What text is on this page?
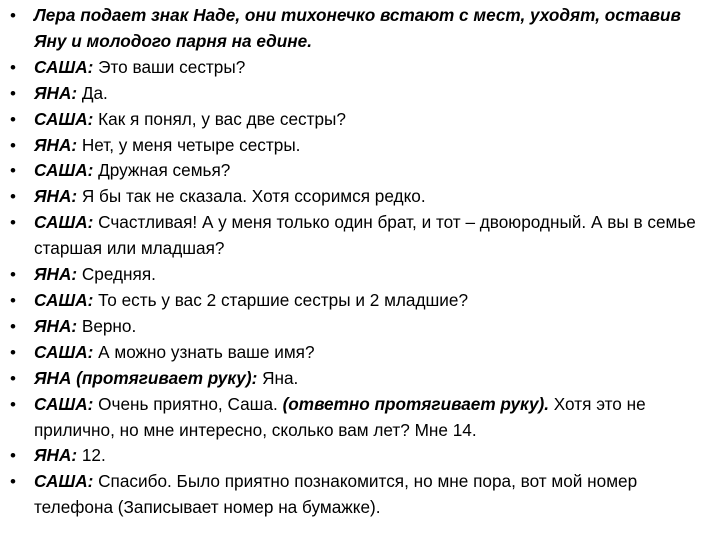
• Лера подает знак Наде, они тихонечко встают с мест, уходят, оставив Яну и молодого парня на едине.
• САША: Это ваши сестры?
• ЯНА: Да.
• САША: Как я понял, у вас две сестры?
• ЯНА: Нет, у меня четыре сестры.
• САША: Дружная семья?
• ЯНА: Я бы так не сказала. Хотя ссоримся редко.
• САША: Счастливая! А у меня только один брат, и тот – двоюродный. А вы в семье старшая или младшая?
• ЯНА: Средняя.
• САША: То есть у вас 2 старшие сестры и 2 младшие?
• ЯНА: Верно.
• САША: А можно узнать ваше имя?
• ЯНА (протягивает руку): Яна.
• САША: Очень приятно, Саша. (ответно протягивает руку). Хотя это не прилично, но мне интересно, сколько вам лет? Мне 14.
• ЯНА: 12.
• САША: Спасибо. Было приятно познакомится, но мне пора, вот мой номер телефона (Записывает номер на бумажке).
